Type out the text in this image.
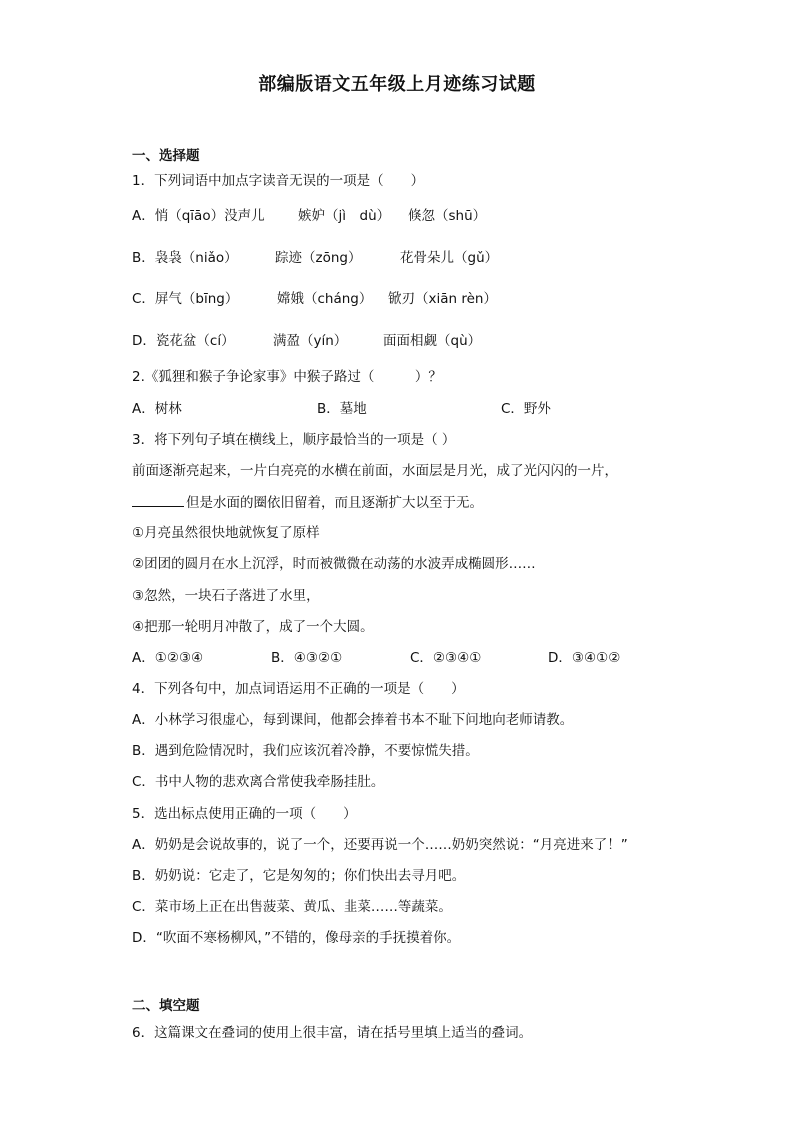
部编版语文五年级上月迹练习试题
一、选择题
1．下列词语中加点字读音无误的一项是（　　）
A．悄（qīāo）没声儿 嫉妒（jì　dù） 倏忽（shū）
B．袅袅（niǎo）	踪迹（zōng）	花骨朵儿（gǔ）
C．屏气（bīng）	嫦娥（cháng） 锨刃（xiān rèn）
D．瓷花盆（cí）	满盈（yín）	面面相觑（qù）
2.《狐狸和猴子争论家事》中猴子路过（　　　）？
A．树林	B．墓地	C．野外
3．将下列句子填在横线上，顺序最恰当的一项是（ ）
前面逐渐亮起来，一片白亮亮的水横在前面，水面层是月光，成了光闪闪的一片，
但是水面的圈依旧留着，而且逐渐扩大以至于无。
①月亮虽然很快地就恢复了原样
②团团的圆月在水上沉浮，时而被微微在动荡的水波弄成椭圆形……
③忽然，一块石子落进了水里，
④把那一轮明月冲散了，成了一个大圆。
A．①②③④	B．④③②①	C．②③④①	D．③④①②
4．下列各句中，加点词语运用不正确的一项是（　　）
A．小林学习很虚心，每到课间，他都会捧着书本不耻下问地向老师请教。
B．遇到危险情况时，我们应该沉着冷静，不要惊慌失措。
C．书中人物的悲欢离合常使我牵肠挂肚。
5．选出标点使用正确的一项（　　）
A．奶奶是会说故事的，说了一个，还要再说一个……奶奶突然说：“月亮进来了！”
B．奶奶说：它走了，它是匆匆的；你们快出去寻月吧。
C．菜市场上正在出售菠菜、黄瓜、韭菜……等蔬菜。
D．“吹面不寒杨柳风，”不错的，像母亲的手抚摸着你。
二、填空题
6．这篇课文在叠词的使用上很丰富，请在括号里填上适当的叠词。
